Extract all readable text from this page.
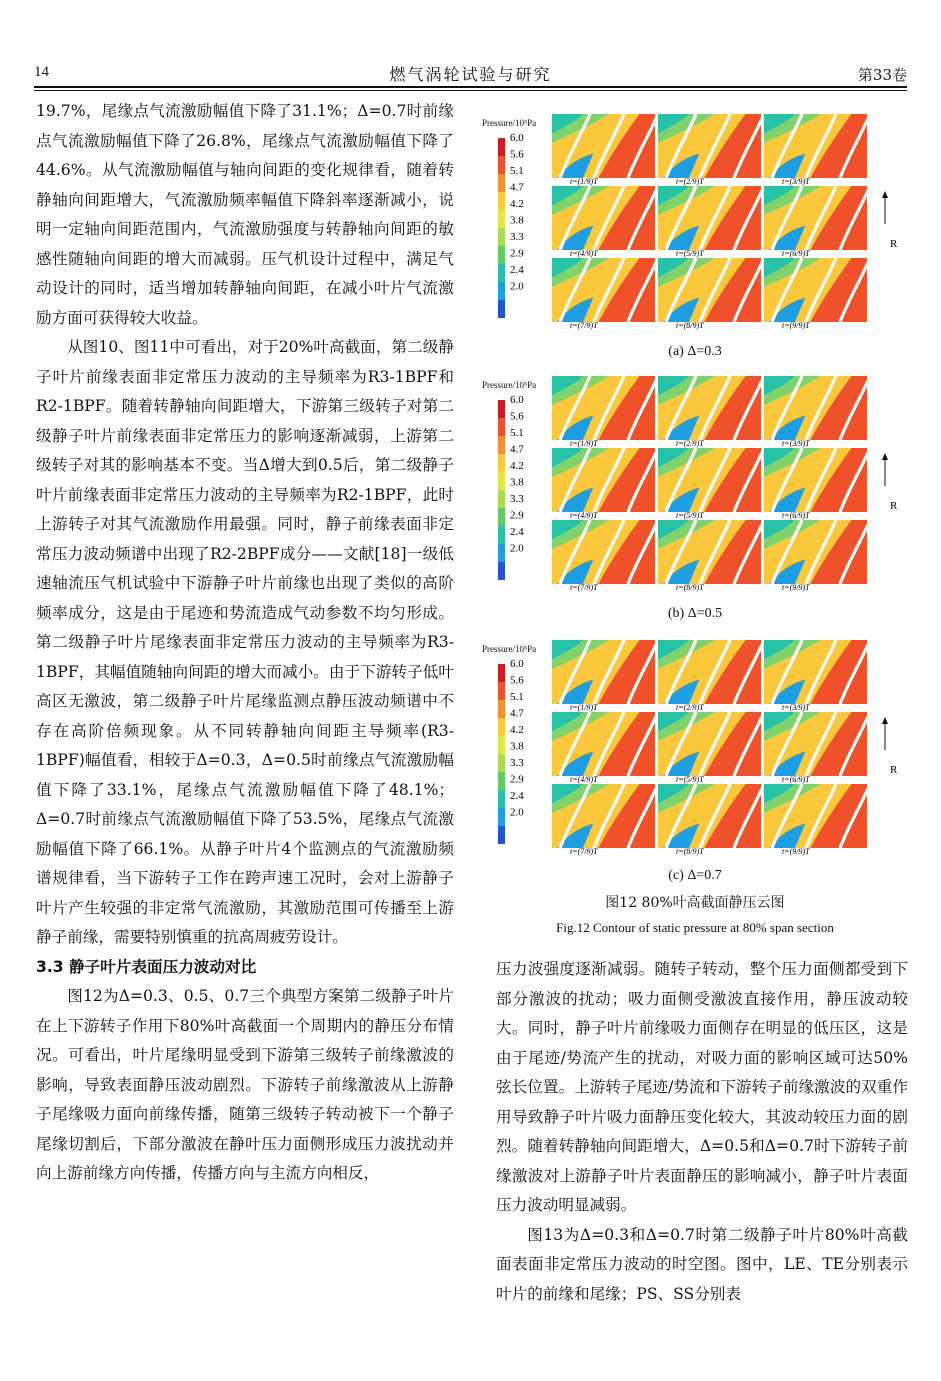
14	燃气涡轮试验与研究	第33卷

19.7%，尾缘点气流激励幅值下降了31.1%；Δ=0.7时前缘点气流激励幅值下降了26.8%，尾缘点气流激励幅值下降了44.6%。从气流激励幅值与轴向间距的变化规律看，随着转静轴向间距增大，气流激励频率幅值下降斜率逐渐减小，说明一定轴向间距范围内，气流激励强度与转静轴向间距的敏感性随轴向间距的增大而减弱。压气机设计过程中，满足气动设计的同时，适当增加转静轴向间距，在减小叶片气流激励方面可获得较大收益。

从图10、图11中可看出，对于20%叶高截面，第二级静子叶片前缘表面非定常压力波动的主导频率为R3-1BPF和R2-1BPF。随着转静轴向间距增大，下游第三级转子对第二级静子叶片前缘表面非定常压力的影响逐渐减弱，上游第二级转子对其的影响基本不变。当Δ增大到0.5后，第二级静子叶片前缘表面非定常压力波动的主导频率为R2-1BPF，此时上游转子对其气流激励作用最强。同时，静子前缘表面非定常压力波动频谱中出现了R2-2BPF成分——文献[18]一级低速轴流压气机试验中下游静子叶片前缘也出现了类似的高阶频率成分，这是由于尾迹和势流造成气动参数不均匀形成。第二级静子叶片尾缘表面非定常压力波动的主导频率为R3-1BPF，其幅值随轴向间距的增大而减小。由于下游转子低叶高区无激波，第二级静子叶片尾缘监测点静压波动频谱中不存在高阶倍频现象。从不同转静轴向间距主导频率(R3-1BPF)幅值看，相较于Δ=0.3，Δ=0.5时前缘点气流激励幅值下降了33.1%，尾缘点气流激励幅值下降了48.1%；Δ=0.7时前缘点气流激励幅值下降了53.5%，尾缘点气流激励幅值下降了66.1%。从静子叶片4个监测点的气流激励频谱规律看，当下游转子工作在跨声速工况时，会对上游静子叶片产生较强的非定常气流激励，其激励范围可传播至上游静子前缘，需要特别慎重的抗高周疲劳设计。

3.3 静子叶片表面压力波动对比

图12为Δ=0.3、0.5、0.7三个典型方案第二级静子叶片在上下游转子作用下80%叶高截面一个周期内的静压分布情况。可看出，叶片尾缘明显受到下游第三级转子前缘激波的影响，导致表面静压波动剧烈。下游转子前缘激波从上游静子尾缘吸力面向前缘传播，随第三级转子转动被下一个静子尾缘切割后，下部分激波在静叶压力面侧形成压力波扰动并向上游前缘方向传播，传播方向与主流方向相反，

6.0
5.6
5.1
4.7
4.2
3.8
3.3
2.9
2.4
2.0
t=(1/9)T	t=(2/9)T	t=(3/9)T
t=(4/9)T	t=(5/9)T	t=(6/9)T
t=(7/9)T	t=(8/9)T	t=(9/9)T
R
Pressure/10⁵Pa
(a) Δ=0.3
6.0
5.6
5.1
4.7
4.2
3.8
3.3
2.9
2.4
2.0
t=(1/9)T	t=(2/9)T	t=(3/9)T
t=(4/9)T	t=(5/9)T	t=(6/9)T
t=(7/9)T	t=(8/9)T	t=(9/9)T
R
Pressure/10⁵Pa
(b) Δ=0.5
6.0
5.6
5.1
4.7
4.2
3.8
3.3
2.9
2.4
2.0
t=(1/9)T	t=(2/9)T	t=(3/9)T
t=(4/9)T	t=(5/9)T	t=(6/9)T
t=(7/9)T	t=(8/9)T	t=(9/9)T
R
Pressure/10⁵Pa
(c) Δ=0.7
图12 80%叶高截面静压云图
Fig.12 Contour of static pressure at 80% span section

压力波强度逐渐减弱。随转子转动，整个压力面侧都受到下部分激波的扰动；吸力面侧受激波直接作用，静压波动较大。同时，静子叶片前缘吸力面侧存在明显的低压区，这是由于尾迹/势流产生的扰动，对吸力面的影响区域可达50%弦长位置。上游转子尾迹/势流和下游转子前缘激波的双重作用导致静子叶片吸力面静压变化较大，其波动较压力面的剧烈。随着转静轴向间距增大，Δ=0.5和Δ=0.7时下游转子前缘激波对上游静子叶片表面静压的影响减小，静子叶片表面压力波动明显减弱。

图13为Δ=0.3和Δ=0.7时第二级静子叶片80%叶高截面表面非定常压力波动的时空图。图中，LE、TE分别表示叶片的前缘和尾缘；PS、SS分别表
